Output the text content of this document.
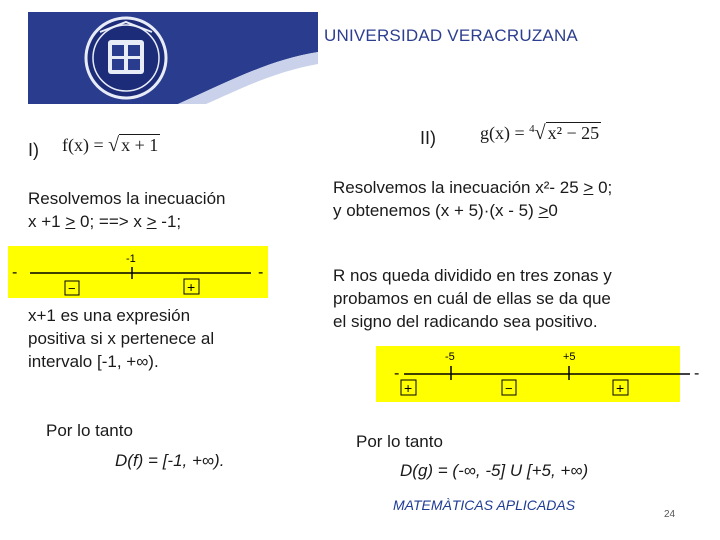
UNIVERSIDAD VERACRUZANA
I) f(x) = √ x + 1
Resolvemos la inecuación
x +1 > 0; ==> x > -1;
-
-1
−	+
-
x+1 es una expresión
positiva si x pertenece al
intervalo [-1, +∞).
Por lo tanto
D(f) = [-1, +∞).
II) g(x) = $^4$√ x² − 25
Resolvemos la inecuación x²- 25 > 0;
y obtenemos (x + 5)·(x - 5) >0
R nos queda dividido en tres zonas y
probamos en cuál de ellas se da que
el signo del radicando sea positivo.
-
-5	+5
+	−	+
-
Por lo tanto
D(g) = (-∞, -5] U [+5, +∞)
MATEMÀTICAS APLICADAS
24
